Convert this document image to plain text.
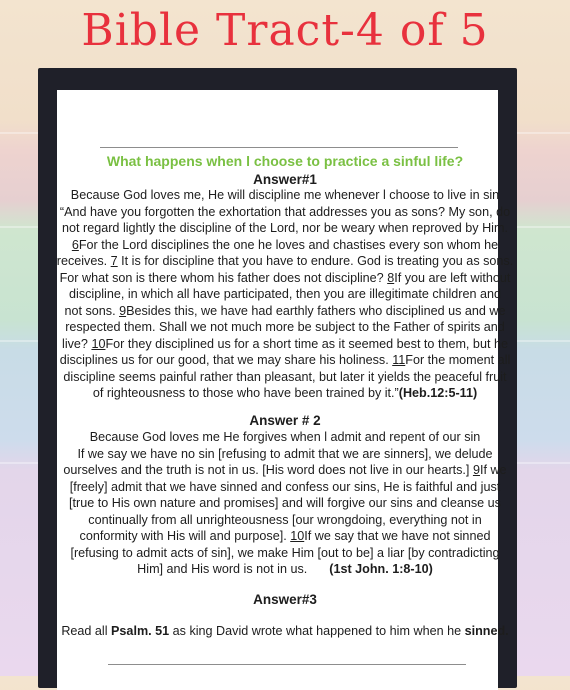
Bible Tract-4 of 5
What happens when l choose to practice a sinful life?
Answer#1

Because God loves me, He will discipline me whenever l choose to live in sin
“And have you forgotten the exhortation that addresses you as sons? My son, do
not regard lightly the discipline of the Lord, nor be weary when reproved by Him.
6For the Lord disciplines the one he loves and chastises every son whom he
receives. 7 It is for discipline that you have to endure. God is treating you as sons.
For what son is there whom his father does not discipline? 8If you are left without
discipline, in which all have participated, then you are illegitimate children and
not sons. 9Besides this, we have had earthly fathers who disciplined us and we
respected them. Shall we not much more be subject to the Father of spirits and
live? 10For they disciplined us for a short time as it seemed best to them, but he
disciplines us for our good, that we may share his holiness. 11For the moment all
discipline seems painful rather than pleasant, but later it yields the peaceful fruit
of righteousness to those who have been trained by it.”(Heb.12:5-11)

Answer # 2

Because God loves me He forgives when l admit and repent of our sin
If we say we have no sin [refusing to admit that we are sinners], we delude
ourselves and the truth is not in us. [His word does not live in our hearts.] 9If we
[freely] admit that we have sinned and confess our sins, He is faithful and just
[true to His own nature and promises] and will forgive our sins and cleanse us
continually from all unrighteousness [our wrongdoing, everything not in
conformity with His will and purpose]. 10If we say that we have not sinned
[refusing to admit acts of sin], we make Him [out to be] a liar [by contradicting
Him] and His word is not in us. (1st John. 1:8-10)

Answer#3

Read all Psalm. 51 as king David wrote what happened to him when he sinned.
